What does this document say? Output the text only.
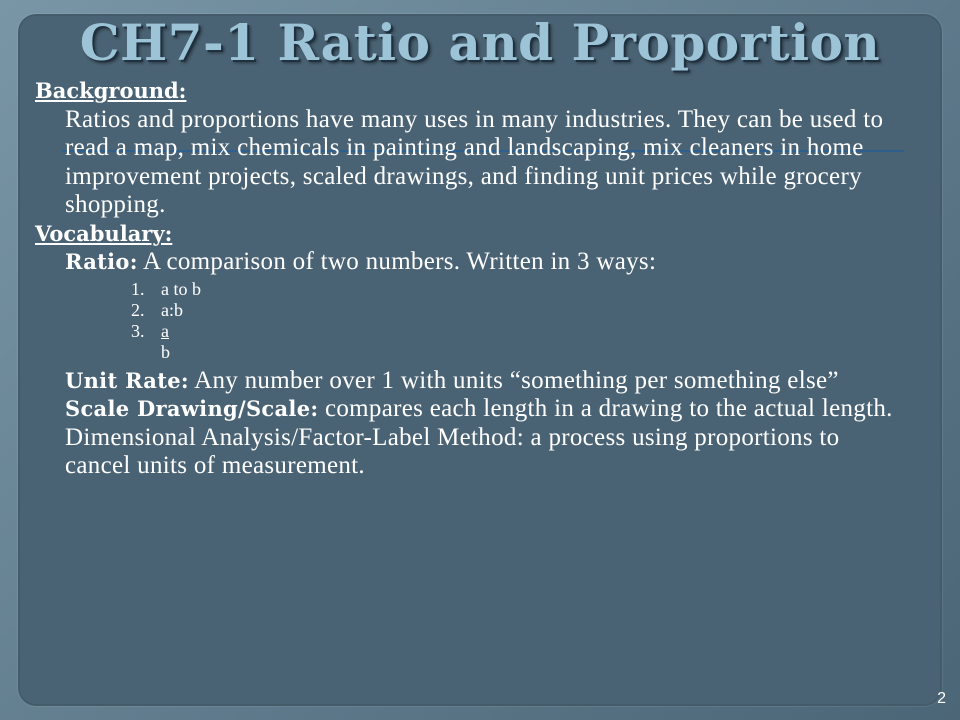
CH7-1 Ratio and Proportion
Background:
Ratios and proportions have many uses in many industries. They can be used to read a map, mix chemicals in painting and landscaping, mix cleaners in home improvement projects, scaled drawings, and finding unit prices while grocery shopping.
Vocabulary:
Ratio: A comparison of two numbers. Written in 3 ways:
1. a to b
2. a:b
3. $\frac{a}{b}$
Unit Rate: Any number over 1 with units “something per something else”
Scale Drawing/Scale: compares each length in a drawing to the actual length.
Dimensional Analysis/Factor-Label Method: a process using proportions to cancel units of measurement.
2
